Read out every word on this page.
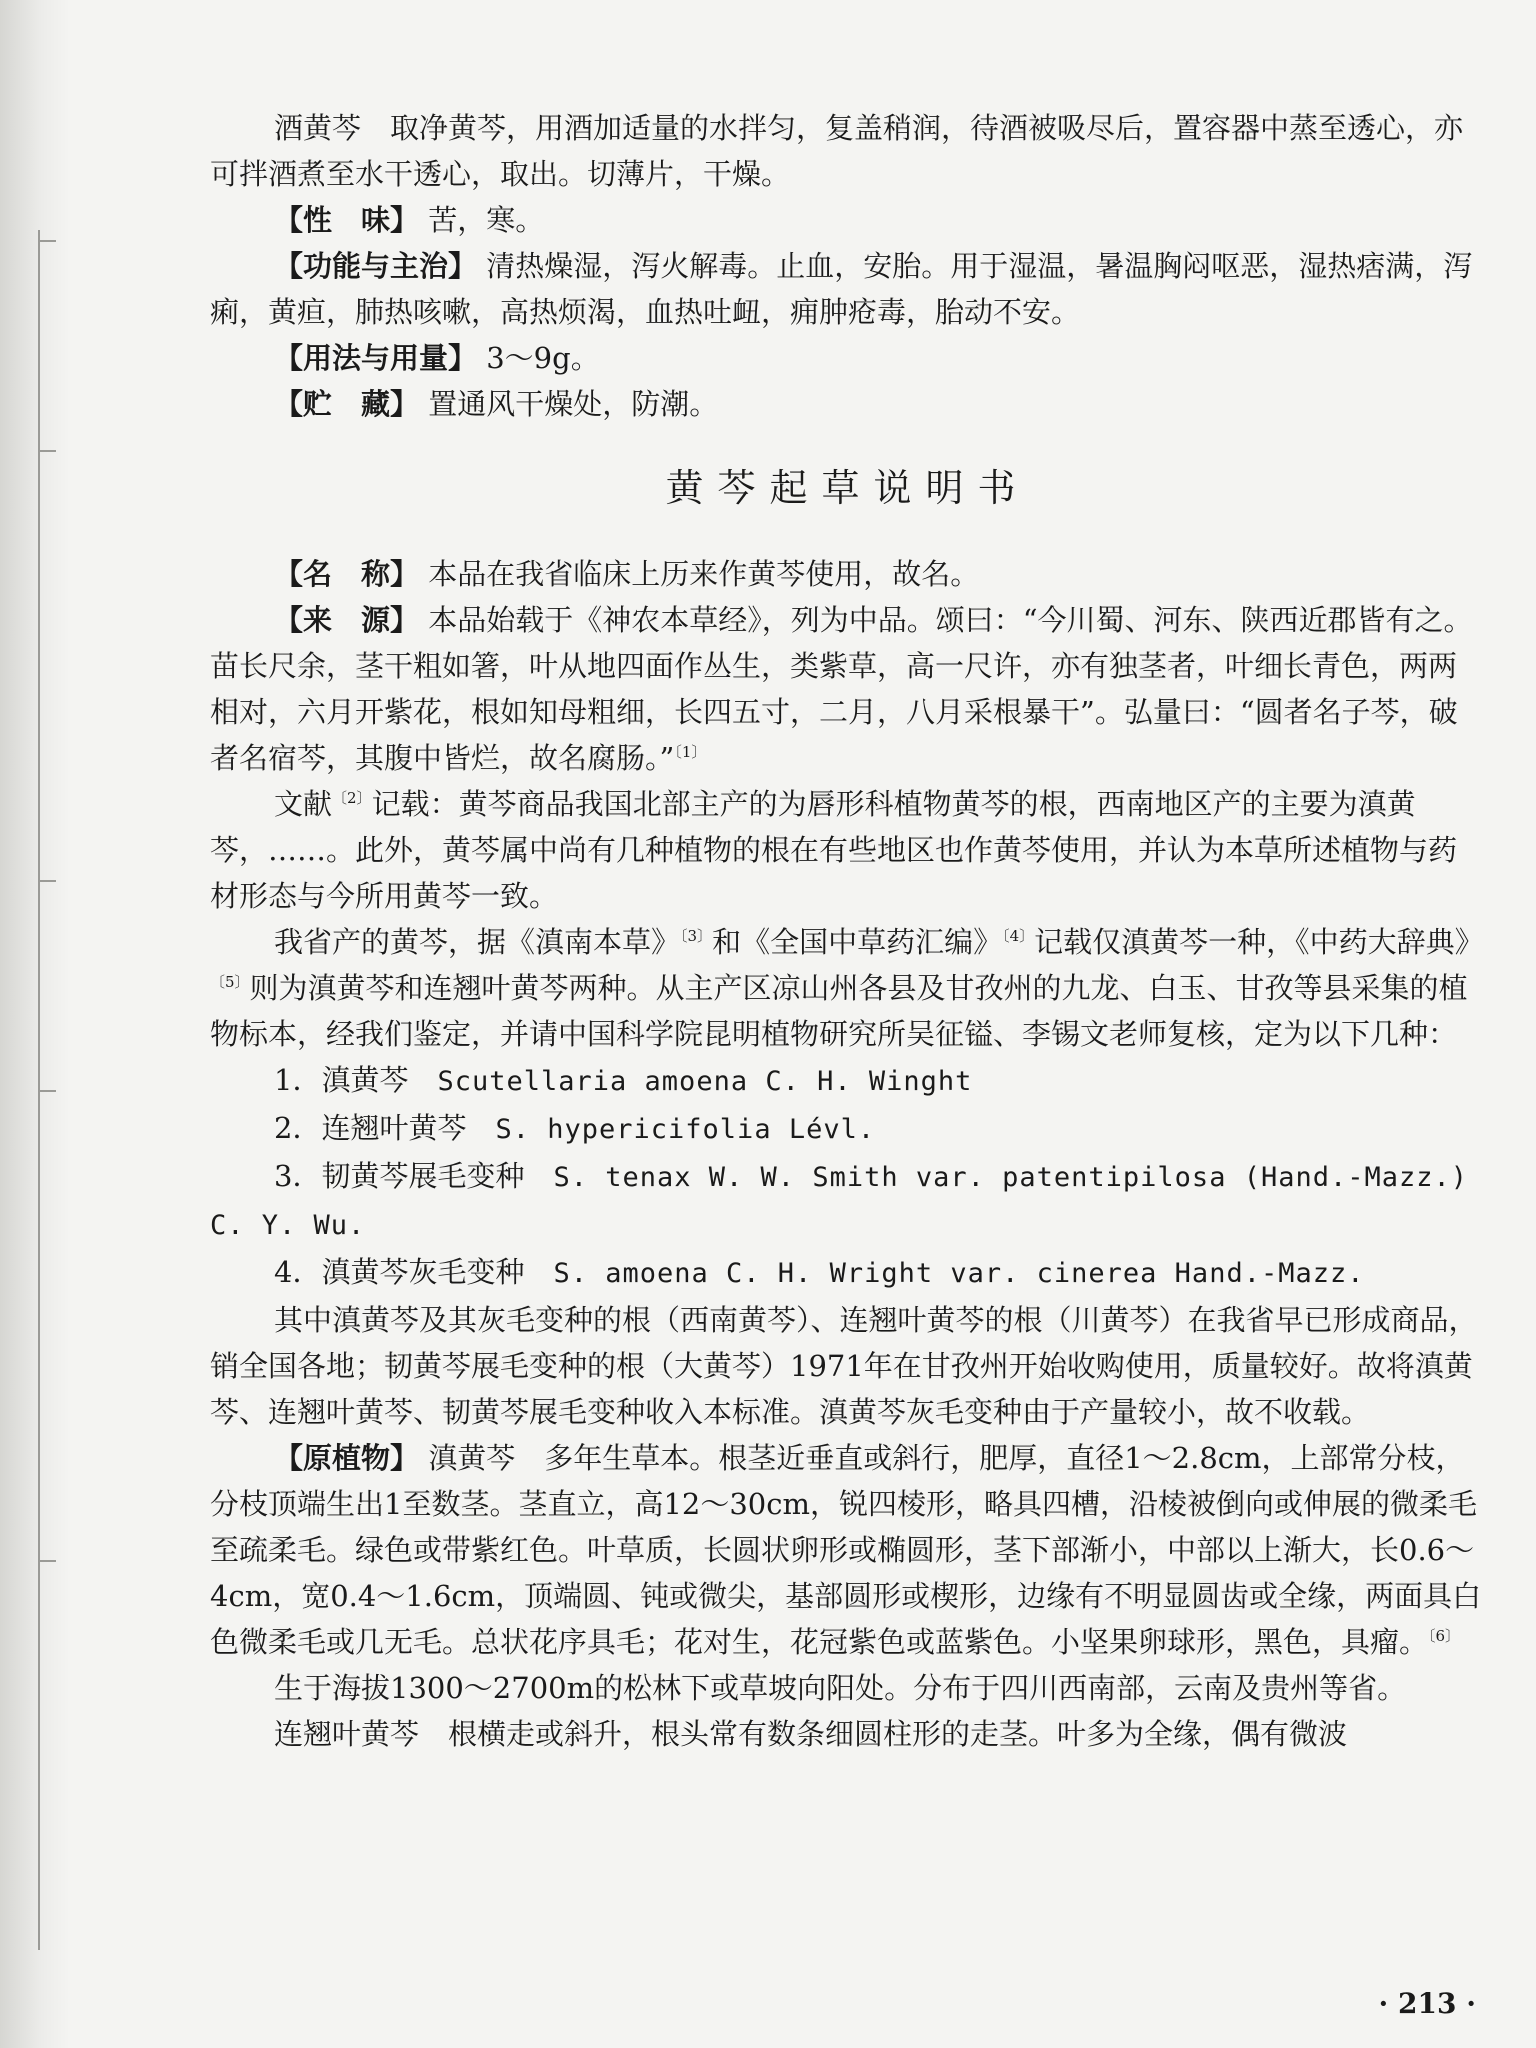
酒黄芩　取净黄芩，用酒加适量的水拌匀，复盖稍润，待酒被吸尽后，置容器中蒸至透心，亦可拌酒煮至水干透心，取出。切薄片，干燥。

【性　味】 苦，寒。

【功能与主治】 清热燥湿，泻火解毒。止血，安胎。用于湿温，暑温胸闷呕恶，湿热痞满，泻痢，黄疸，肺热咳嗽，高热烦渴，血热吐衄，痈肿疮毒，胎动不安。

【用法与用量】 3～9g。

【贮　藏】 置通风干燥处，防潮。

黄芩起草说明书

【名　称】 本品在我省临床上历来作黄芩使用，故名。

【来　源】 本品始载于《神农本草经》，列为中品。颂曰：“今川蜀、河东、陕西近郡皆有之。苗长尺余，茎干粗如箸，叶从地四面作丛生，类紫草，高一尺许，亦有独茎者，叶细长青色，两两相对，六月开紫花，根如知母粗细，长四五寸，二月，八月采根暴干”。弘量曰：“圆者名子芩，破者名宿芩，其腹中皆烂，故名腐肠。”$^{〔1〕}$

文献$^{〔2〕}$记载：黄芩商品我国北部主产的为唇形科植物黄芩的根，西南地区产的主要为滇黄芩，……。此外，黄芩属中尚有几种植物的根在有些地区也作黄芩使用，并认为本草所述植物与药材形态与今所用黄芩一致。

我省产的黄芩，据《滇南本草》$^{〔3〕}$和《全国中草药汇编》$^{〔4〕}$记载仅滇黄芩一种，《中药大辞典》$^{〔5〕}$则为滇黄芩和连翘叶黄芩两种。从主产区凉山州各县及甘孜州的九龙、白玉、甘孜等县采集的植物标本，经我们鉴定，并请中国科学院昆明植物研究所吴征镒、李锡文老师复核，定为以下几种：

1．滇黄芩　 Scutellaria amoena C. H. Winght

2．连翘叶黄芩　 S. hypericifolia Lévl.

3．韧黄芩展毛变种　 S. tenax W. W. Smith var. patentipilosa (Hand.-Mazz.) C. Y. Wu.

4．滇黄芩灰毛变种　 S. amoena C. H. Wright var. cinerea Hand.-Mazz.

其中滇黄芩及其灰毛变种的根（西南黄芩）、连翘叶黄芩的根（川黄芩）在我省早已形成商品，销全国各地；韧黄芩展毛变种的根（大黄芩）1971年在甘孜州开始收购使用，质量较好。故将滇黄芩、连翘叶黄芩、韧黄芩展毛变种收入本标准。滇黄芩灰毛变种由于产量较小，故不收载。

【原植物】 滇黄芩　多年生草本。根茎近垂直或斜行，肥厚，直径1～2.8cm，上部常分枝，分枝顶端生出1至数茎。茎直立，高12～30cm，锐四棱形，略具四槽，沿棱被倒向或伸展的微柔毛至疏柔毛。绿色或带紫红色。叶草质，长圆状卵形或椭圆形，茎下部渐小，中部以上渐大，长0.6～4cm，宽0.4～1.6cm，顶端圆、钝或微尖，基部圆形或楔形，边缘有不明显圆齿或全缘，两面具白色微柔毛或几无毛。总状花序具毛；花对生，花冠紫色或蓝紫色。小坚果卵球形，黑色，具瘤。$^{〔6〕}$

生于海拔1300～2700m的松林下或草坡向阳处。分布于四川西南部，云南及贵州等省。

连翘叶黄芩　根横走或斜升，根头常有数条细圆柱形的走茎。叶多为全缘，偶有微波

· 213 ·
